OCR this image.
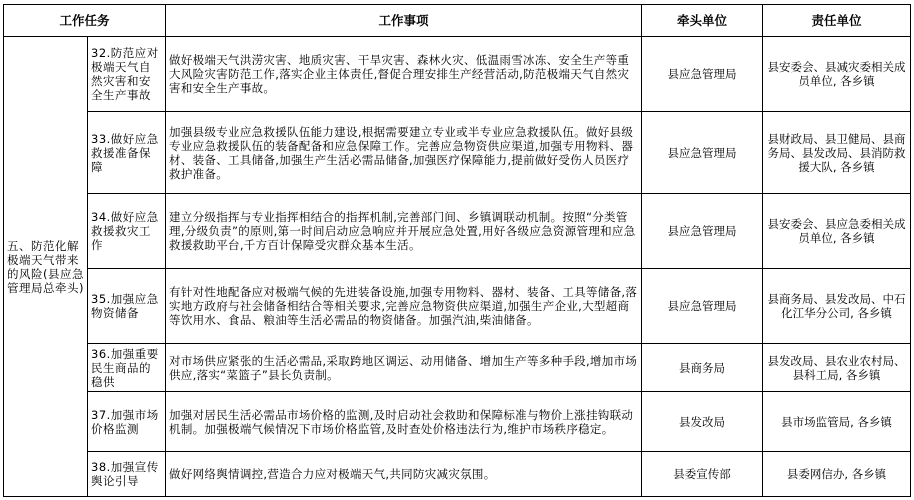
工作任务		工作事项	牵头单位	责任单位
五、防范化解极端天气带来的风险(县应急管理局总牵头)	32.防范应对极端天气自然灾害和安全生产事故	做好极端天气洪涝灾害、地质灾害、干旱灾害、森林火灾、低温雨雪冰冻、安全生产等重大风险灾害防范工作,落实企业主体责任,督促合理安排生产经营活动,防范极端天气自然灾害和安全生产事故。	县应急管理局	县安委会、县减灾委相关成员单位, 各乡镇
	33.做好应急救援准备保障	加强县级专业应急救援队伍能力建设,根据需要建立专业或半专业应急救援队伍。做好县级专业应急救援队伍的装备配备和应急保障工作。完善应急物资供应渠道,加强专用物料、器材、装备、工具储备,加强生产生活必需品储备,加强医疗保障能力,提前做好受伤人员医疗救护准备。	县应急管理局	县财政局、县卫健局、县商务局、县发改局、县消防救援大队, 各乡镇
	34.做好应急救援救灾工作	建立分级指挥与专业指挥相结合的指挥机制,完善部门间、乡镇调联动机制。按照“分类管理,分级负责”的原则,第一时间启动应急响应并开展应急处置,用好各级应急资源管理和应急救援救助平台,千方百计保障受灾群众基本生活。	县应急管理局	县安委会、县应急委相关成员单位, 各乡镇
	35.加强应急物资储备	有针对性地配备应对极端气候的先进装备设施,加强专用物料、器材、装备、工具等储备,落实地方政府与社会储备相结合等相关要求,完善应急物资供应渠道,加强生产企业,大型超商等饮用水、食品、粮油等生活必需品的物资储备。加强汽油,柴油储备。	县应急管理局	县商务局、县发改局、中石化江华分公司, 各乡镇
	36.加强重要民生商品的稳供	对市场供应紧张的生活必需品,采取跨地区调运、动用储备、增加生产等多种手段,增加市场供应,落实“菜篮子”县长负责制。	县商务局	县发改局、县农业农村局、县科工局, 各乡镇
	37.加强市场价格监测	加强对居民生活必需品市场价格的监测,及时启动社会救助和保障标准与物价上涨挂钩联动机制。加强极端气候情况下市场价格监管,及时查处价格违法行为,维护市场秩序稳定。	县发改局	县市场监管局, 各乡镇
	38.加强宣传舆论引导	做好网络舆情调控,营造合力应对极端天气,共同防灾减灾氛围。	县委宣传部	县委网信办, 各乡镇
